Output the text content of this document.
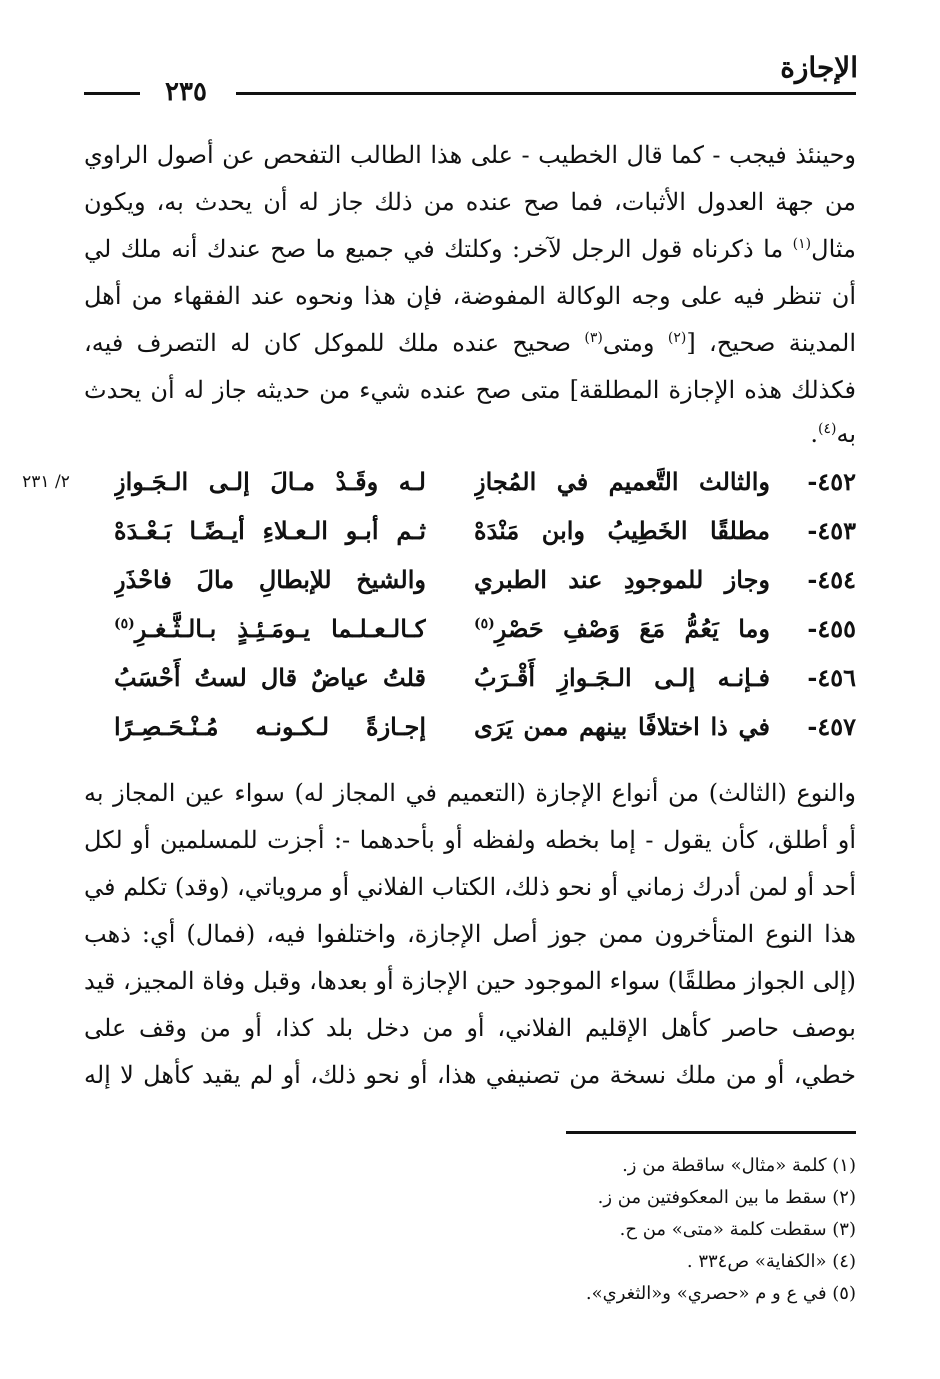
الإجازة
٢٣٥
وحينئذ فيجب - كما قال الخطيب - على هذا الطالب التفحص عن أصول الراوي
من جهة العدول الأثبات، فما صح عنده من ذلك جاز له أن يحدث به، ويكون
مثال$^{(١)}$ ما ذكرناه قول الرجل لآخر: وكلتك في جميع ما صح عندك أنه ملك لي
أن تنظر فيه على وجه الوكالة المفوضة، فإن هذا ونحوه عند الفقهاء من أهل
المدينة صحيح، [$^{(٢)}$ ومتى$^{(٣)}$ صحيح عنده ملك للموكل كان له التصرف فيه،
فكذلك هذه الإجازة المطلقة] متى صح عنده شيء من حديثه جاز له أن يحدث
به$^{(٤)}$.
٢/ ٢٣١	٤٥٢-
والثالث التَّعميم في المُجازِ
لـه وقَـدْ مـالَ إلـى الـجَـوازِ
٤٥٣-
مطلقًا الخَطِيبُ وابن مَنْدَهْ
ثـم أبـو الـعـلاءِ أيـضًـا بَـعْـدَهْ
٤٥٤-
وجاز للموجودِ عند الطبري
والشيخ للإبطالِ مالَ فاحْذَرِ
٤٥٥-
وما يَعُمُّ مَعَ وَصْفِ حَصْرِ$^{(٥)}$
كـالـعـلـما يـومَـئِـذٍ بـالـثَّـغـرِ$^{(٥)}$
٤٥٦-
فـإنـه إلـى الـجَـوازِ أَقْـرَبُ
قلتُ عياضٌ قال لستُ أَحْسَبُ
٤٥٧-
في ذا اختلافًا بينهم ممن يَرَى
إجـازةً لـكـونـه مُـنْـحَـصِـرًا
والنوع (الثالث) من أنواع الإجازة (التعميم في المجاز له) سواء عين المجاز به
أو أطلق، كأن يقول - إما بخطه ولفظه أو بأحدهما -: أجزت للمسلمين أو لكل
أحد أو لمن أدرك زماني أو نحو ذلك، الكتاب الفلاني أو مروياتي، (وقد) تكلم في
هذا النوع المتأخرون ممن جوز أصل الإجازة، واختلفوا فيه، (فمال) أي: ذهب
(إلى الجواز مطلقًا) سواء الموجود حين الإجازة أو بعدها، وقبل وفاة المجيز، قيد
بوصف حاصر كأهل الإقليم الفلاني، أو من دخل بلد كذا، أو من وقف على
خطي، أو من ملك نسخة من تصنيفي هذا، أو نحو ذلك، أو لم يقيد كأهل لا إله
(١) كلمة «مثال» ساقطة من ز.
(٢) سقط ما بين المعكوفتين من ز.
(٣) سقطت كلمة «متى» من ح.
(٤) «الكفاية» ص٣٣٤ .
(٥) في ع و م «حصري» و«الثغري».
